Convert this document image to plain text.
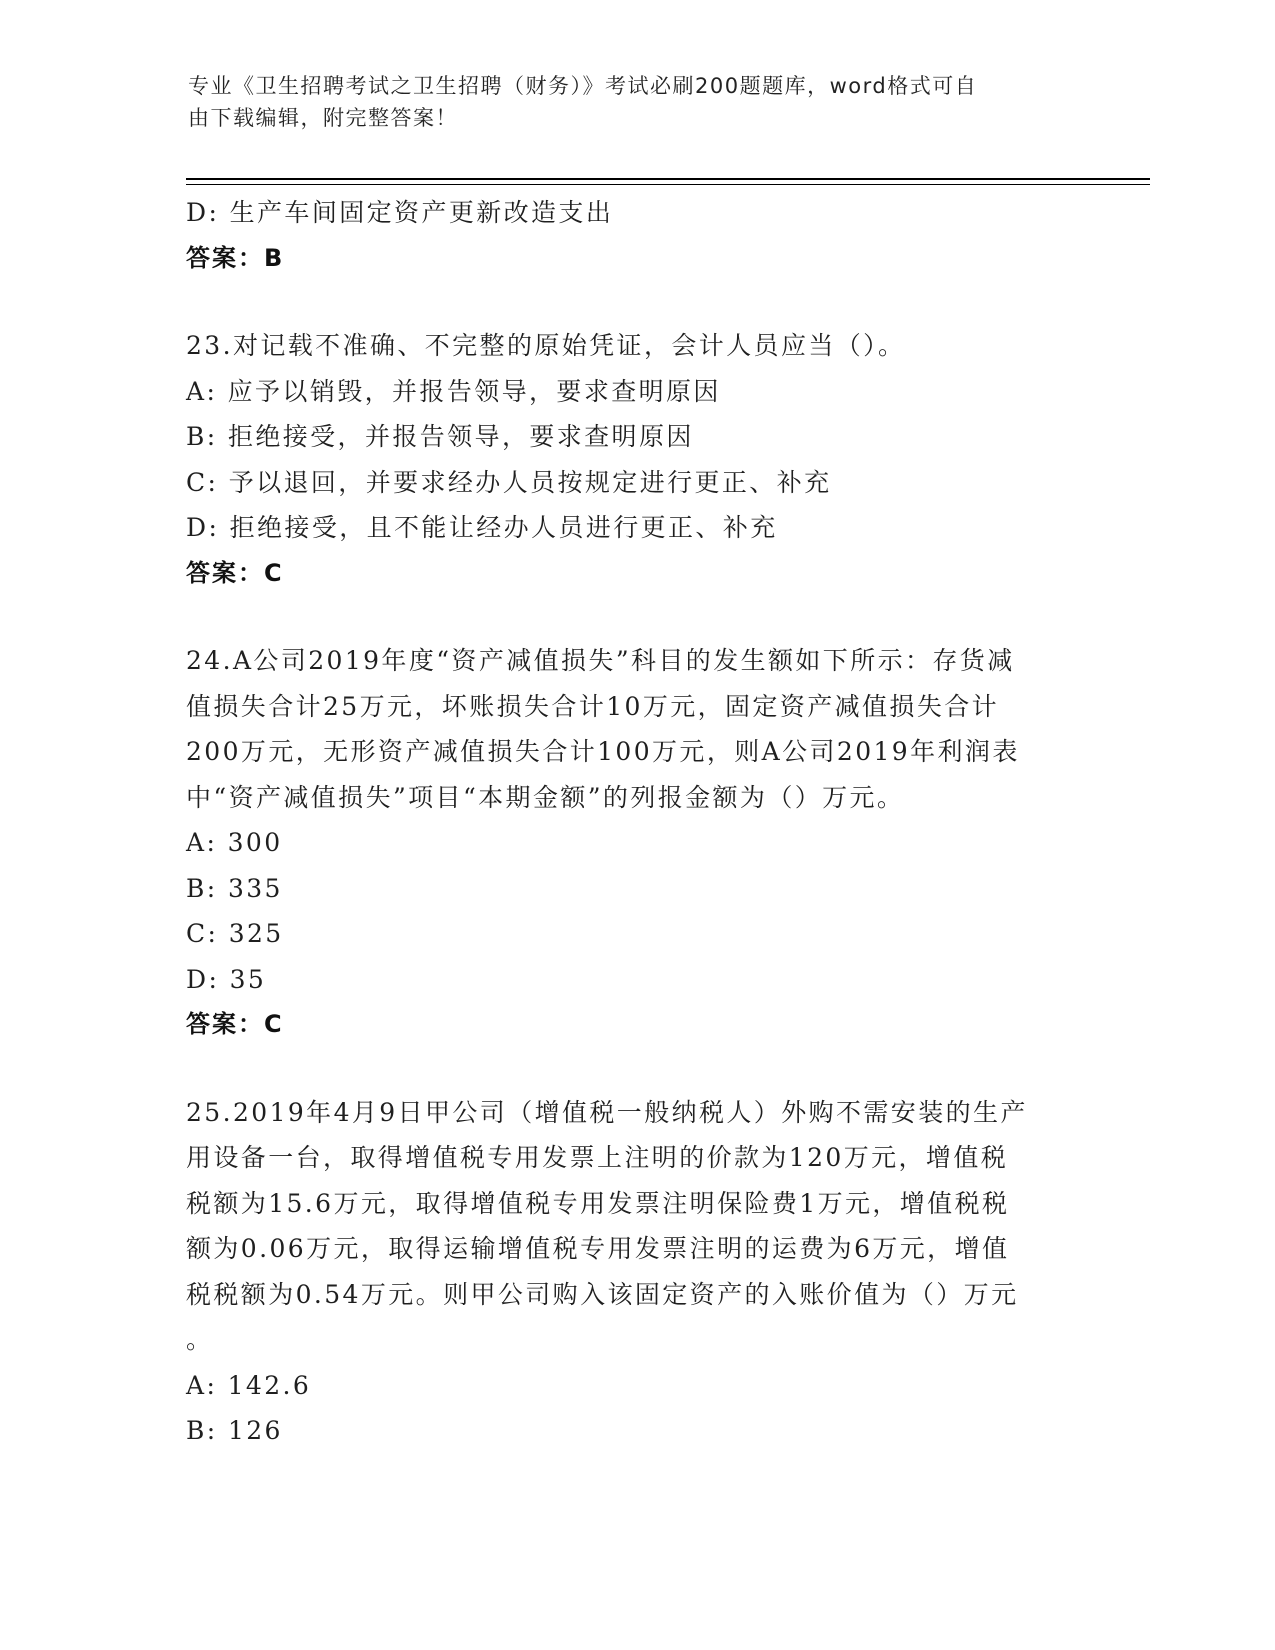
专业《卫生招聘考试之卫生招聘（财务）》考试必刷200题题库，word格式可自
由下载编辑，附完整答案！
D: 生产车间固定资产更新改造支出
答案：B
23.对记载不准确、不完整的原始凭证，会计人员应当（）。
A: 应予以销毁，并报告领导，要求查明原因
B: 拒绝接受，并报告领导，要求查明原因
C: 予以退回，并要求经办人员按规定进行更正、补充
D: 拒绝接受，且不能让经办人员进行更正、补充
答案：C
24.A公司2019年度“资产减值损失”科目的发生额如下所示：存货减
值损失合计25万元，坏账损失合计10万元，固定资产减值损失合计
200万元，无形资产减值损失合计100万元，则A公司2019年利润表
中“资产减值损失”项目“本期金额”的列报金额为（）万元。
A: 300
B: 335
C: 325
D: 35
答案：C
25.2019年4月9日甲公司（增值税一般纳税人）外购不需安装的生产
用设备一台，取得增值税专用发票上注明的价款为120万元，增值税
税额为15.6万元，取得增值税专用发票注明保险费1万元，增值税税
额为0.06万元，取得运输增值税专用发票注明的运费为6万元，增值
税税额为0.54万元。则甲公司购入该固定资产的入账价值为（）万元
。
A: 142.6
B: 126
